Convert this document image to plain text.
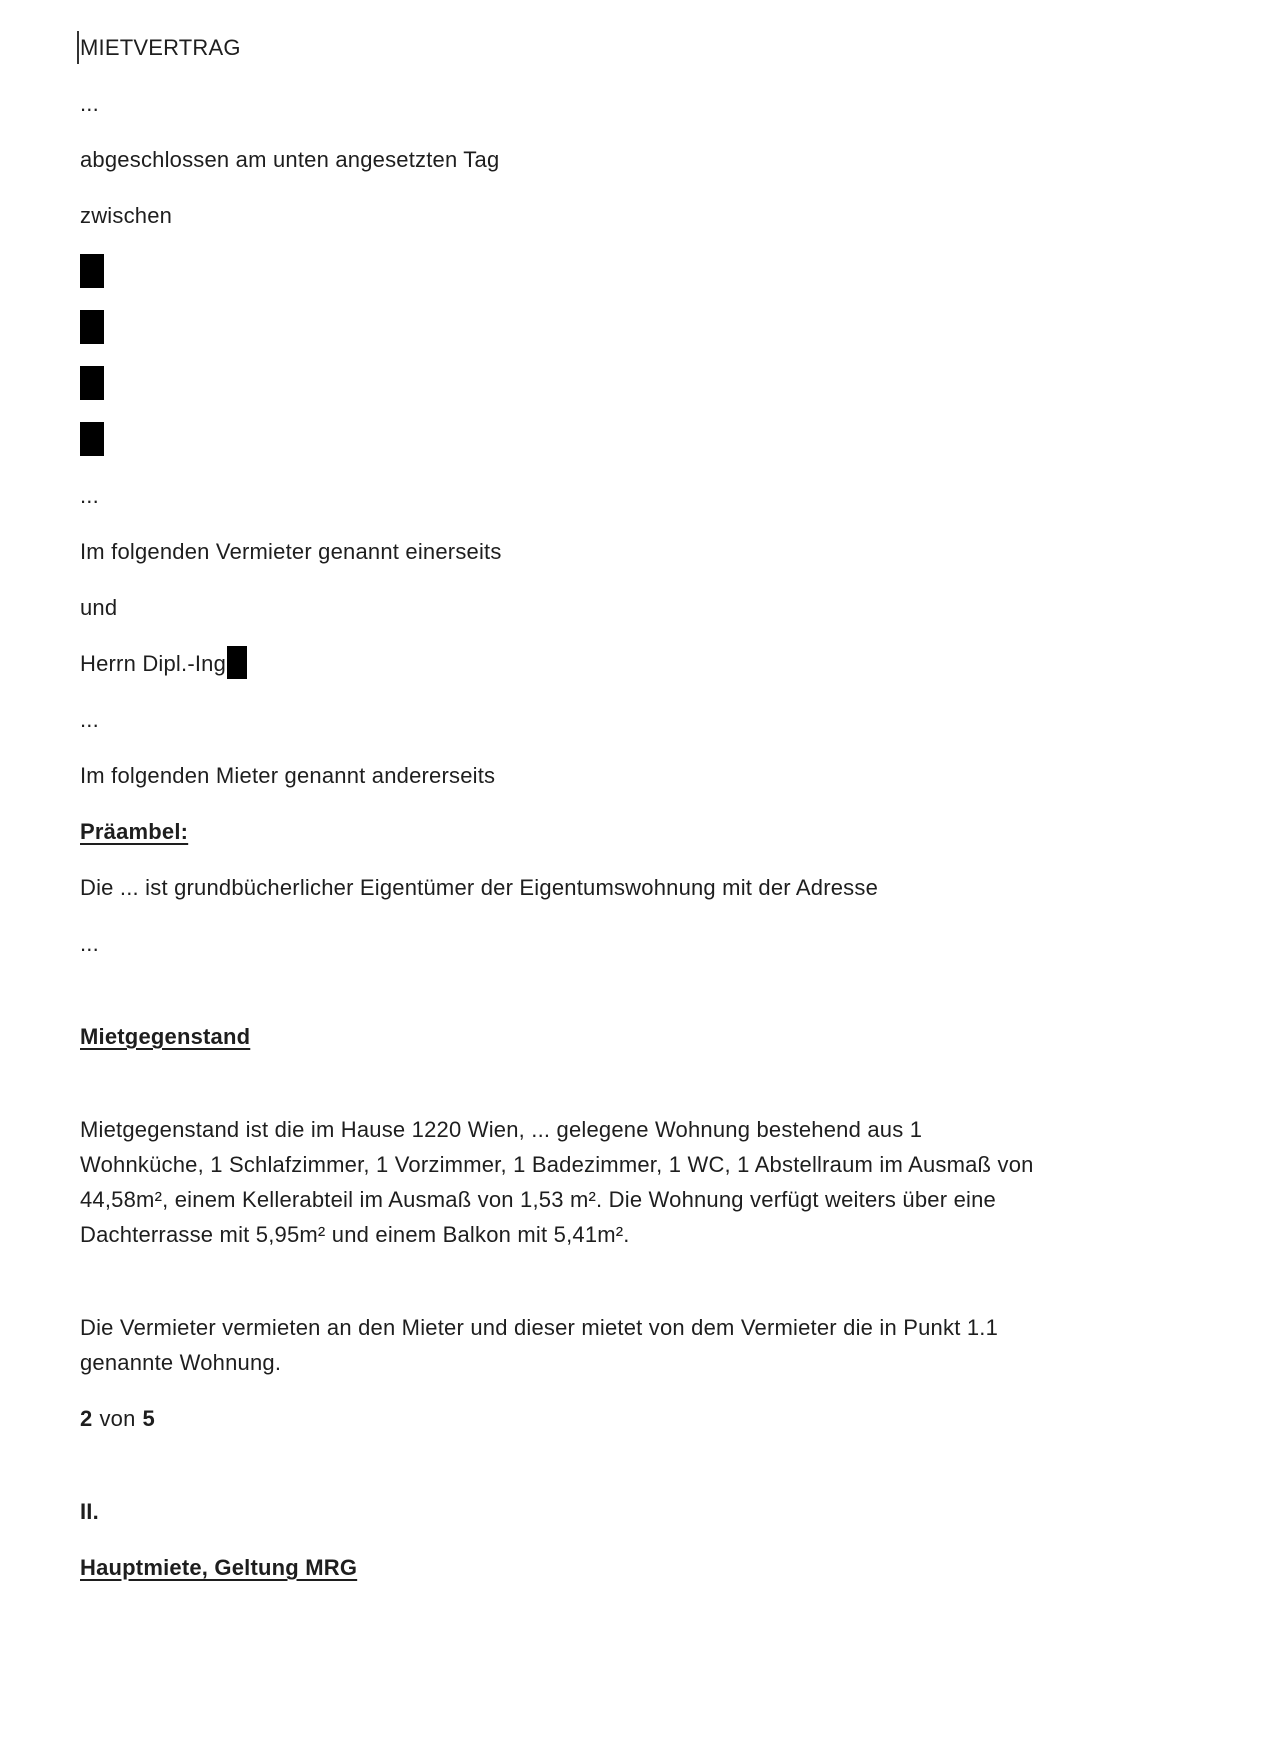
MIETVERTRAG
...
abgeschlossen am unten angesetzten Tag
zwischen
...
Im folgenden Vermieter genannt einerseits
und
Herrn Dipl.-Ing
...
Im folgenden Mieter genannt andererseits
Präambel:
Die ... ist grundbücherlicher Eigentümer der Eigentumswohnung mit der Adresse
...
Mietgegenstand
Mietgegenstand ist die im Hause 1220 Wien, ... gelegene Wohnung bestehend aus 1
Wohnküche, 1 Schlafzimmer, 1 Vorzimmer, 1 Badezimmer, 1 WC, 1 Abstellraum im Ausmaß von
44,58m², einem Kellerabteil im Ausmaß von 1,53 m². Die Wohnung verfügt weiters über eine
Dachterrasse mit 5,95m² und einem Balkon mit 5,41m².
Die Vermieter vermieten an den Mieter und dieser mietet von dem Vermieter die in Punkt 1.1
genannte Wohnung.
2 von 5
II.
Hauptmiete, Geltung MRG
